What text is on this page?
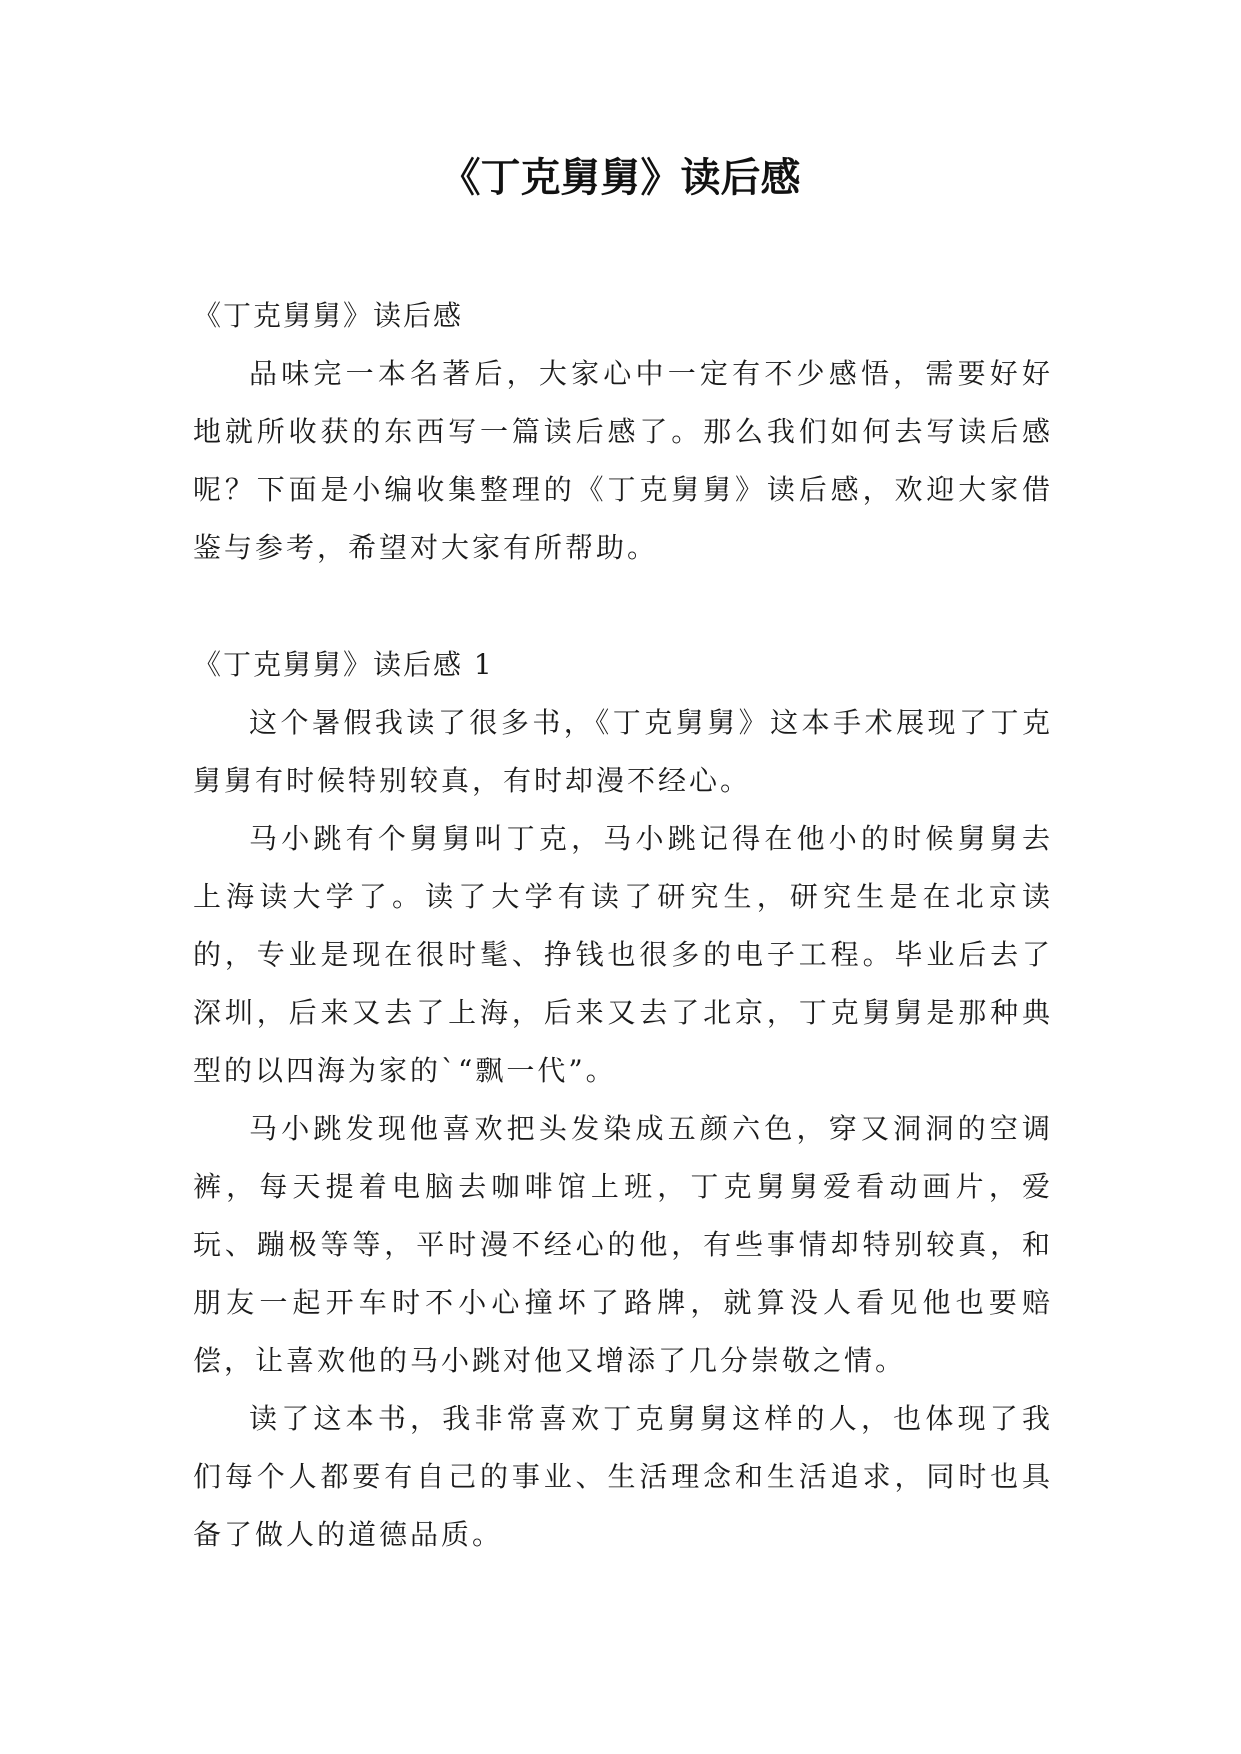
《丁克舅舅》读后感

《丁克舅舅》读后感

品味完一本名著后，大家心中一定有不少感悟，需要好好地就所收获的东西写一篇读后感了。那么我们如何去写读后感呢？下面是小编收集整理的《丁克舅舅》读后感，欢迎大家借鉴与参考，希望对大家有所帮助。

《丁克舅舅》读后感 1

这个暑假我读了很多书，《丁克舅舅》这本手术展现了丁克舅舅有时候特别较真，有时却漫不经心。

马小跳有个舅舅叫丁克，马小跳记得在他小的时候舅舅去上海读大学了。读了大学有读了研究生，研究生是在北京读的，专业是现在很时髦、挣钱也很多的电子工程。毕业后去了深圳，后来又去了上海，后来又去了北京，丁克舅舅是那种典型的以四海为家的`“飘一代”。

马小跳发现他喜欢把头发染成五颜六色，穿又洞洞的空调裤，每天提着电脑去咖啡馆上班，丁克舅舅爱看动画片，爱玩、蹦极等等，平时漫不经心的他，有些事情却特别较真，和朋友一起开车时不小心撞坏了路牌，就算没人看见他也要赔偿，让喜欢他的马小跳对他又增添了几分崇敬之情。

读了这本书，我非常喜欢丁克舅舅这样的人，也体现了我们每个人都要有自己的事业、生活理念和生活追求，同时也具备了做人的道德品质。
